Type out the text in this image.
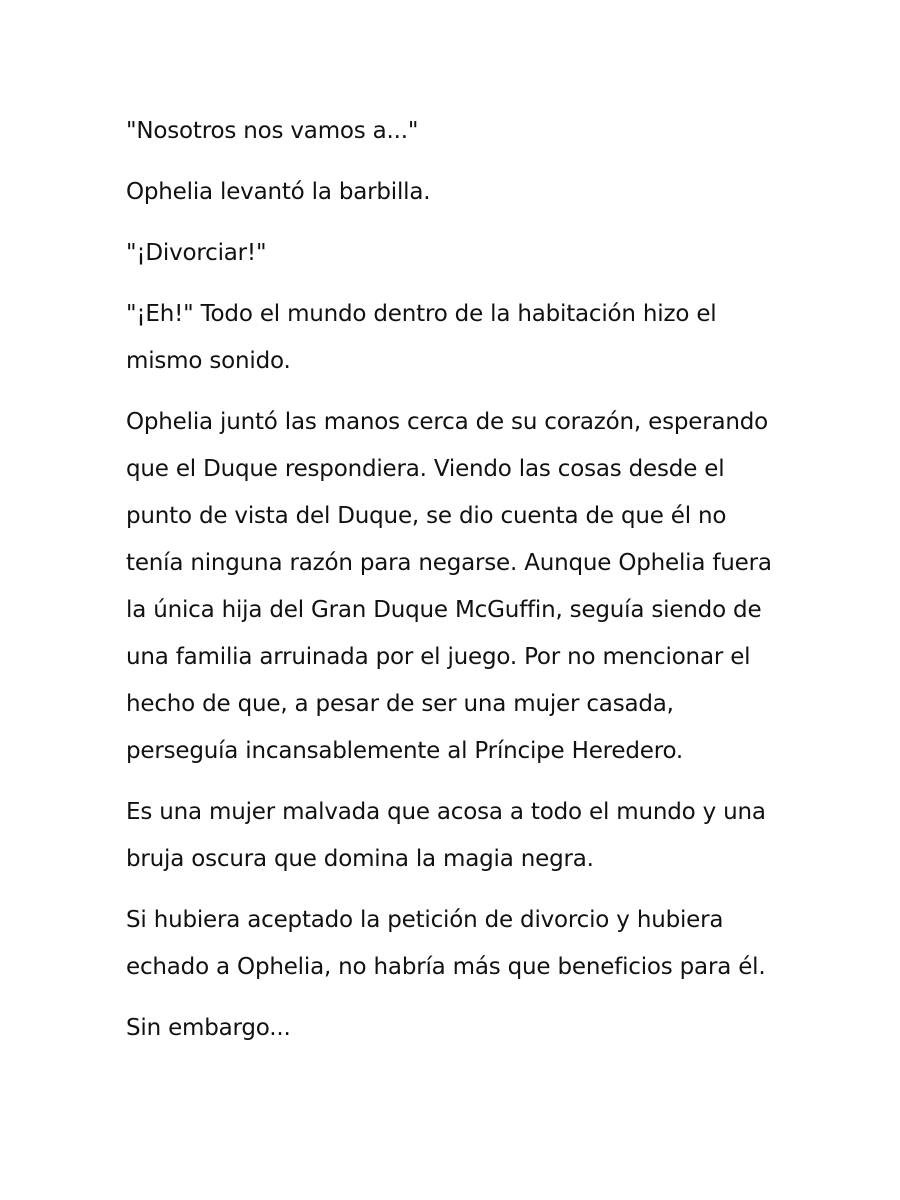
"Nosotros nos vamos a..."

Ophelia levantó la barbilla.

"¡Divorciar!"

"¡Eh!" Todo el mundo dentro de la habitación hizo el mismo sonido.

Ophelia juntó las manos cerca de su corazón, esperando que el Duque respondiera. Viendo las cosas desde el punto de vista del Duque, se dio cuenta de que él no tenía ninguna razón para negarse. Aunque Ophelia fuera la única hija del Gran Duque McGuffin, seguía siendo de una familia arruinada por el juego. Por no mencionar el hecho de que, a pesar de ser una mujer casada, perseguía incansablemente al Príncipe Heredero.

Es una mujer malvada que acosa a todo el mundo y una bruja oscura que domina la magia negra.

Si hubiera aceptado la petición de divorcio y hubiera echado a Ophelia, no habría más que beneficios para él.

Sin embargo...
